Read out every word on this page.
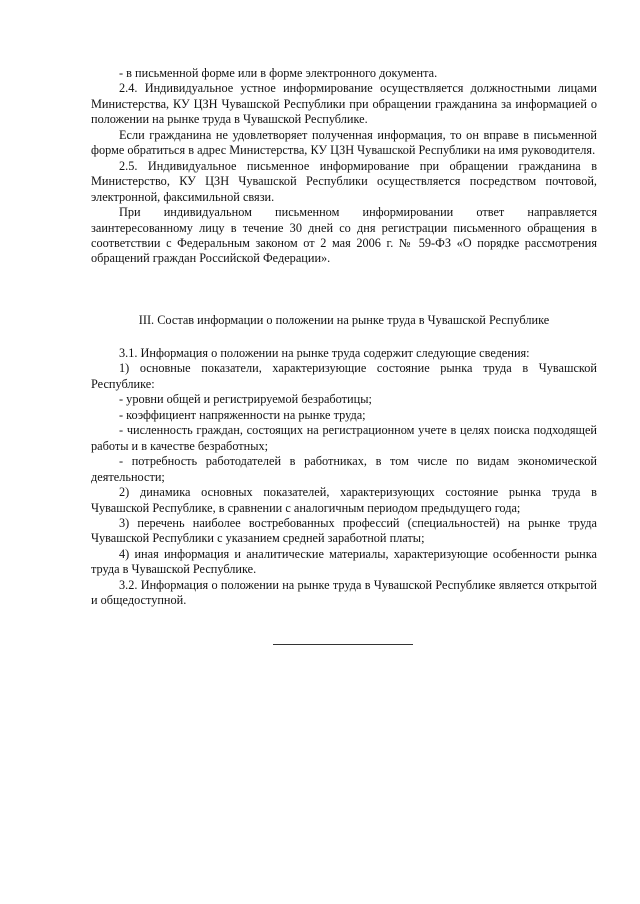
- в письменной форме или в форме электронного документа.

2.4. Индивидуальное устное информирование осуществляется должностными лицами Министерства, КУ ЦЗН Чувашской Республики при обращении гражданина за информацией о положении на рынке труда в Чувашской Республике.

Если гражданина не удовлетворяет полученная информация, то он вправе в письменной форме обратиться в адрес Министерства, КУ ЦЗН Чувашской Республики на имя руководителя.

2.5. Индивидуальное письменное информирование при обращении гражданина в Министерство, КУ ЦЗН Чувашской Республики осуществляется посредством почтовой, электронной, факсимильной связи.

При индивидуальном письменном информировании ответ направляется заинтересованному лицу в течение 30 дней со дня регистрации письменного обращения в соответствии с Федеральным законом от 2 мая 2006 г. № 59-ФЗ «О порядке рассмотрения обращений граждан Российской Федерации».

III. Состав информации о положении на рынке труда в Чувашской Республике

3.1. Информация о положении на рынке труда содержит следующие сведения:

1) основные показатели, характеризующие состояние рынка труда в Чувашской Республике:

- уровни общей и регистрируемой безработицы;

- коэффициент напряженности на рынке труда;

- численность граждан, состоящих на регистрационном учете в целях поиска подходящей работы и в качестве безработных;

- потребность работодателей в работниках, в том числе по видам экономической деятельности;

2) динамика основных показателей, характеризующих состояние рынка труда в Чувашской Республике, в сравнении с аналогичным периодом предыдущего года;

3) перечень наиболее востребованных профессий (специальностей) на рынке труда Чувашской Республики с указанием средней заработной платы;

4) иная информация и аналитические материалы, характеризующие особенности рынка труда в Чувашской Республике.

3.2. Информация о положении на рынке труда в Чувашской Республике является открытой и общедоступной.
